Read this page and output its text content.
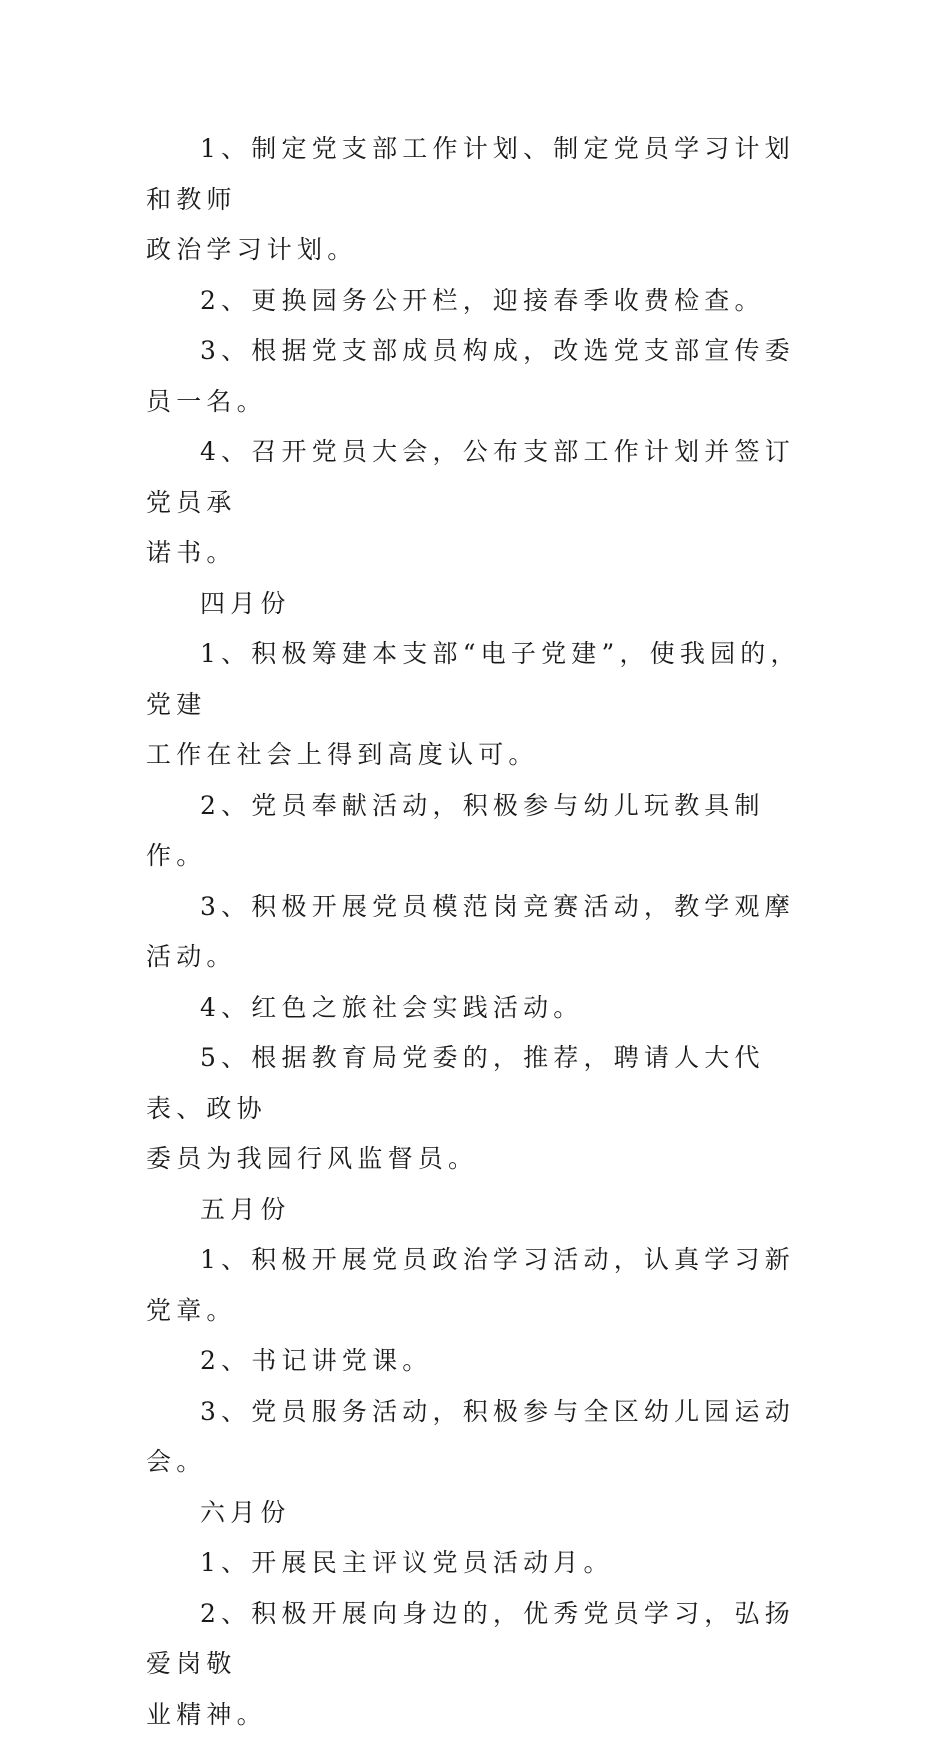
1、制定党支部工作计划、制定党员学习计划和教师
政治学习计划。

2、更换园务公开栏，迎接春季收费检查。

3、根据党支部成员构成，改选党支部宣传委员一名。

4、召开党员大会，公布支部工作计划并签订党员承
诺书。

四月份

1、积极筹建本支部“电子党建”，使我园的，党建
工作在社会上得到高度认可。

2、党员奉献活动，积极参与幼儿玩教具制作。

3、积极开展党员模范岗竞赛活动，教学观摩活动。

4、红色之旅社会实践活动。

5、根据教育局党委的，推荐，聘请人大代表、政协
委员为我园行风监督员。

五月份

1、积极开展党员政治学习活动，认真学习新党章。

2、书记讲党课。

3、党员服务活动，积极参与全区幼儿园运动会。

六月份

1、开展民主评议党员活动月。

2、积极开展向身边的，优秀党员学习，弘扬爱岗敬
业精神。
